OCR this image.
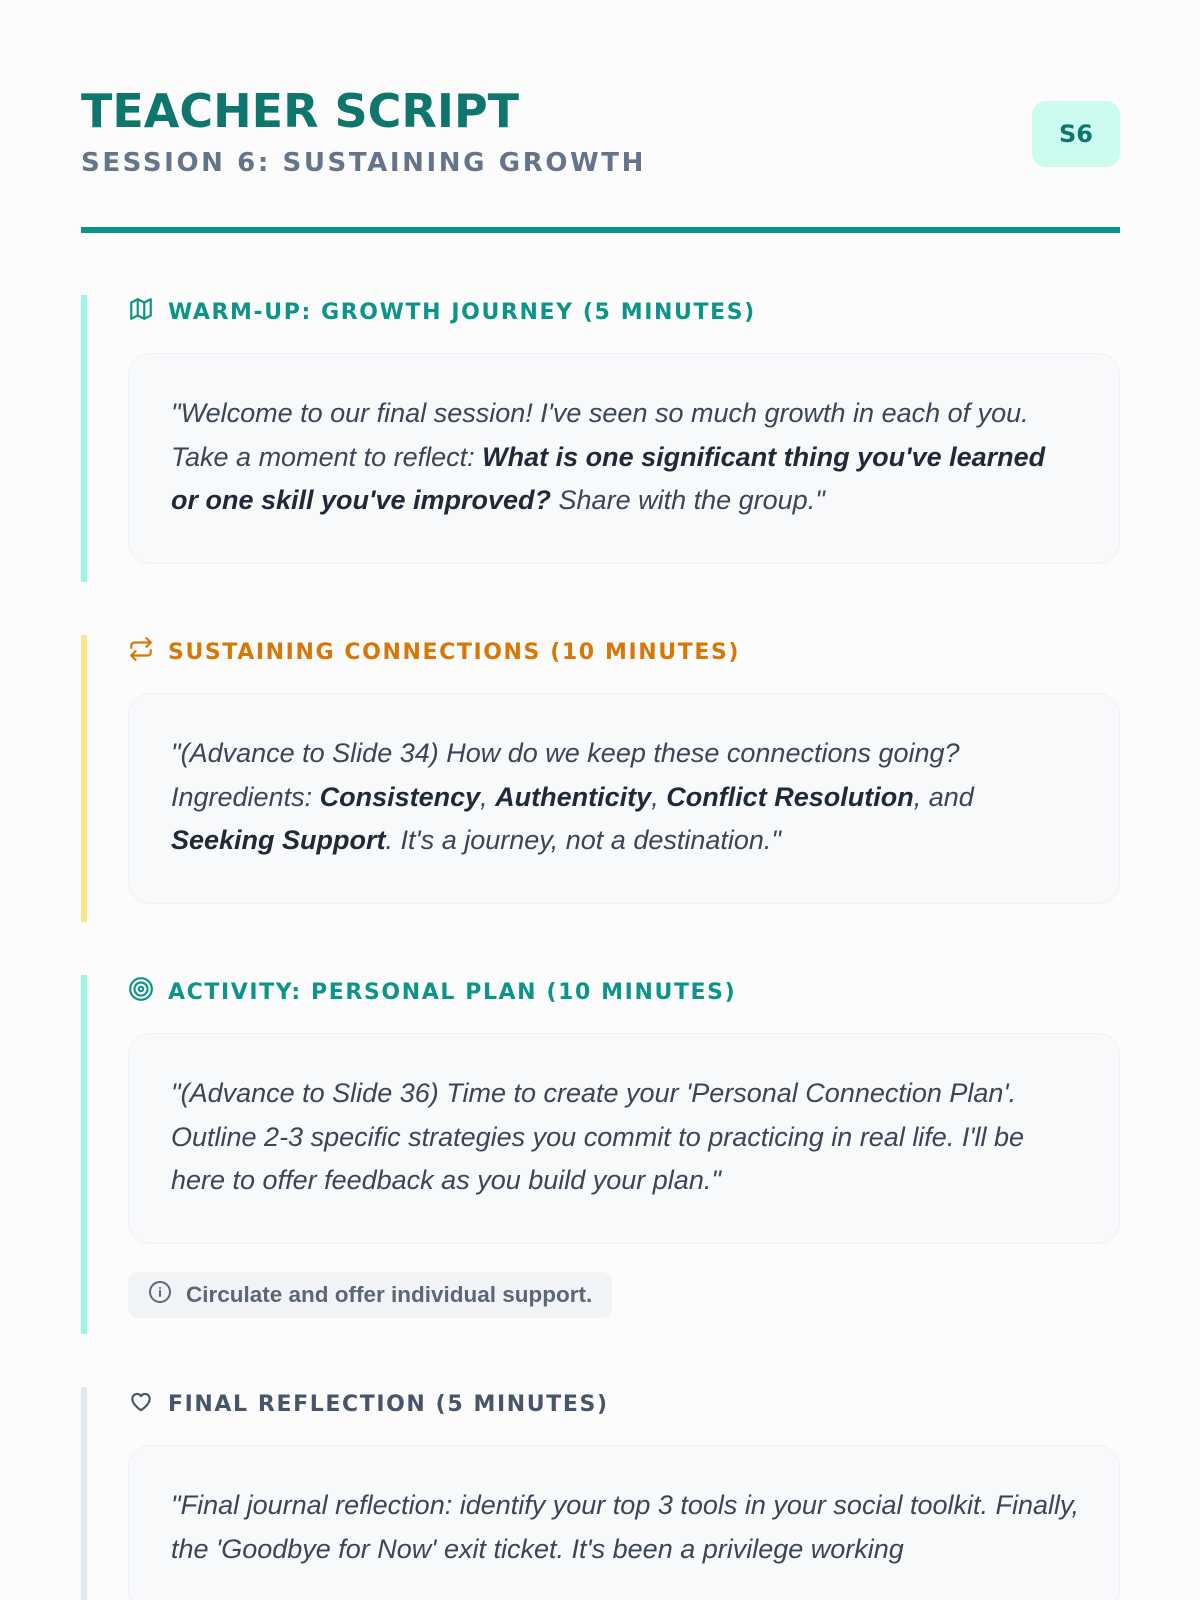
TEACHER SCRIPT
SESSION 6: SUSTAINING GROWTH
S6
WARM-UP: GROWTH JOURNEY (5 MINUTES)
"Welcome to our final session! I've seen so much growth in each of you. Take a moment to reflect: What is one significant thing you've learned or one skill you've improved? Share with the group."
SUSTAINING CONNECTIONS (10 MINUTES)
"(Advance to Slide 34) How do we keep these connections going? Ingredients: Consistency, Authenticity, Conflict Resolution, and Seeking Support. It's a journey, not a destination."
ACTIVITY: PERSONAL PLAN (10 MINUTES)
"(Advance to Slide 36) Time to create your 'Personal Connection Plan'. Outline 2-3 specific strategies you commit to practicing in real life. I'll be here to offer feedback as you build your plan."
Circulate and offer individual support.
FINAL REFLECTION (5 MINUTES)
"Final journal reflection: identify your top 3 tools in your social toolkit. Finally, the 'Goodbye for Now' exit ticket. It's been a privilege working
